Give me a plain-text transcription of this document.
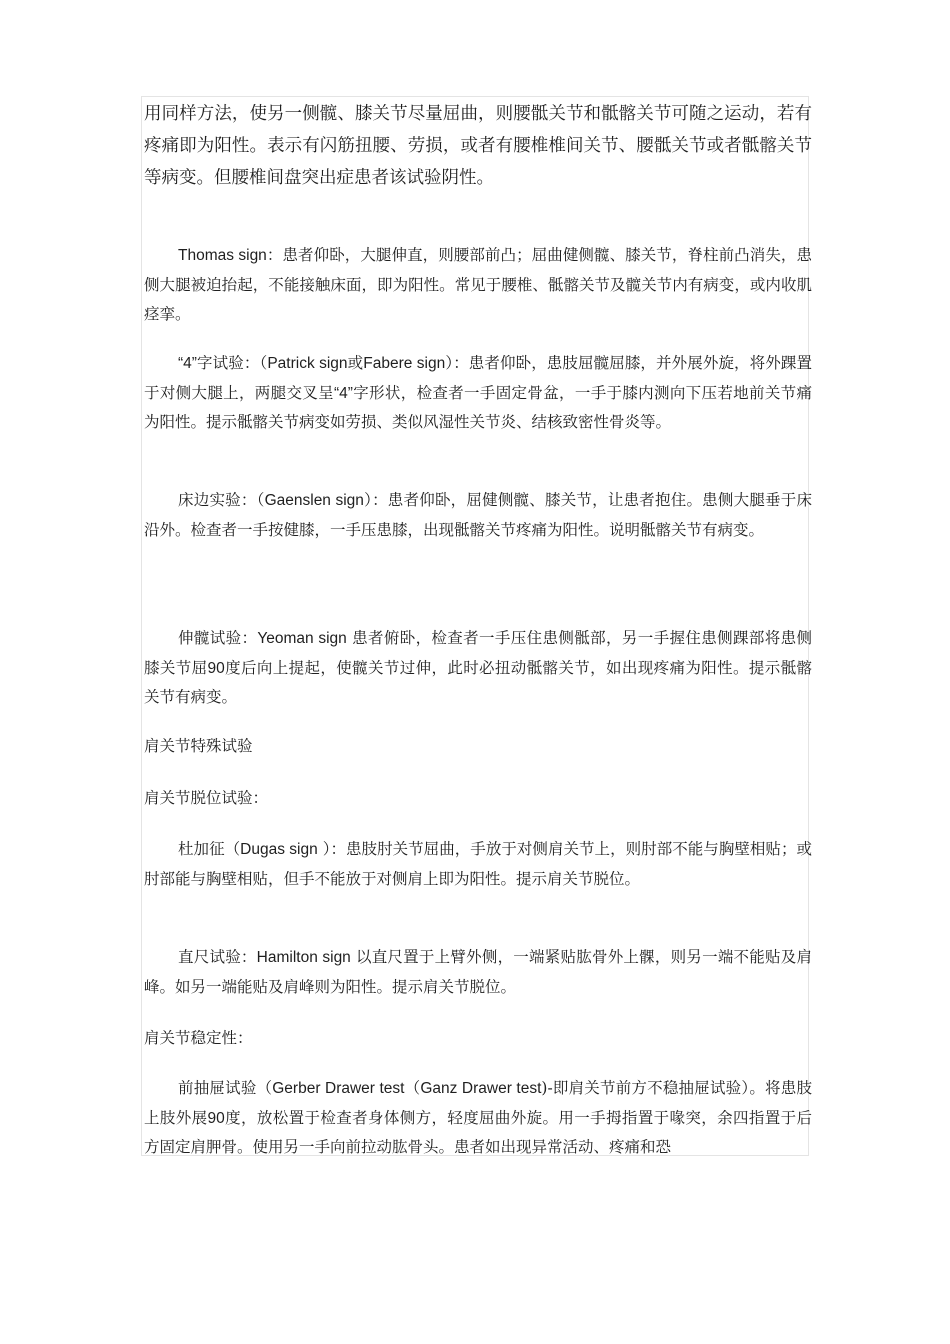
用同样方法，使另一侧髋、膝关节尽量屈曲，则腰骶关节和骶髂关节可随之运动，若有疼痛即为阳性。表示有闪筋扭腰、劳损，或者有腰椎椎间关节、腰骶关节或者骶髂关节等病变。但腰椎间盘突出症患者该试验阴性。

Thomas sign：患者仰卧，大腿伸直，则腰部前凸；屈曲健侧髋、膝关节，脊柱前凸消失，患侧大腿被迫抬起，不能接触床面，即为阳性。常见于腰椎、骶髂关节及髋关节内有病变，或内收肌痉挛。

“4”字试验：（Patrick sign或Fabere sign）：患者仰卧，患肢屈髋屈膝，并外展外旋，将外踝置于对侧大腿上，两腿交叉呈“4”字形状，检查者一手固定骨盆，一手于膝内测向下压若地前关节痛为阳性。提示骶髂关节病变如劳损、类似风湿性关节炎、结核致密性骨炎等。

床边实验：（Gaenslen sign）：患者仰卧，屈健侧髋、膝关节，让患者抱住。患侧大腿垂于床沿外。检查者一手按健膝，一手压患膝，出现骶髂关节疼痛为阳性。说明骶髂关节有病变。

伸髋试验：Yeoman sign 患者俯卧，检查者一手压住患侧骶部，另一手握住患侧踝部将患侧膝关节屈90度后向上提起，使髋关节过伸，此时必扭动骶髂关节，如出现疼痛为阳性。提示骶髂关节有病变。

肩关节特殊试验

肩关节脱位试验：

杜加征（Dugas sign ）：患肢肘关节屈曲，手放于对侧肩关节上，则肘部不能与胸壁相贴；或肘部能与胸壁相贴，但手不能放于对侧肩上即为阳性。提示肩关节脱位。

直尺试验：Hamilton sign 以直尺置于上臂外侧，一端紧贴肱骨外上髁，则另一端不能贴及肩峰。如另一端能贴及肩峰则为阳性。提示肩关节脱位。

肩关节稳定性：

前抽屉试验（Gerber Drawer test（Ganz Drawer test)-即肩关节前方不稳抽屉试验）。将患肢上肢外展90度，放松置于检查者身体侧方，轻度屈曲外旋。用一手拇指置于喙突，余四指置于后方固定肩胛骨。使用另一手向前拉动肱骨头。患者如出现异常活动、疼痛和恐
